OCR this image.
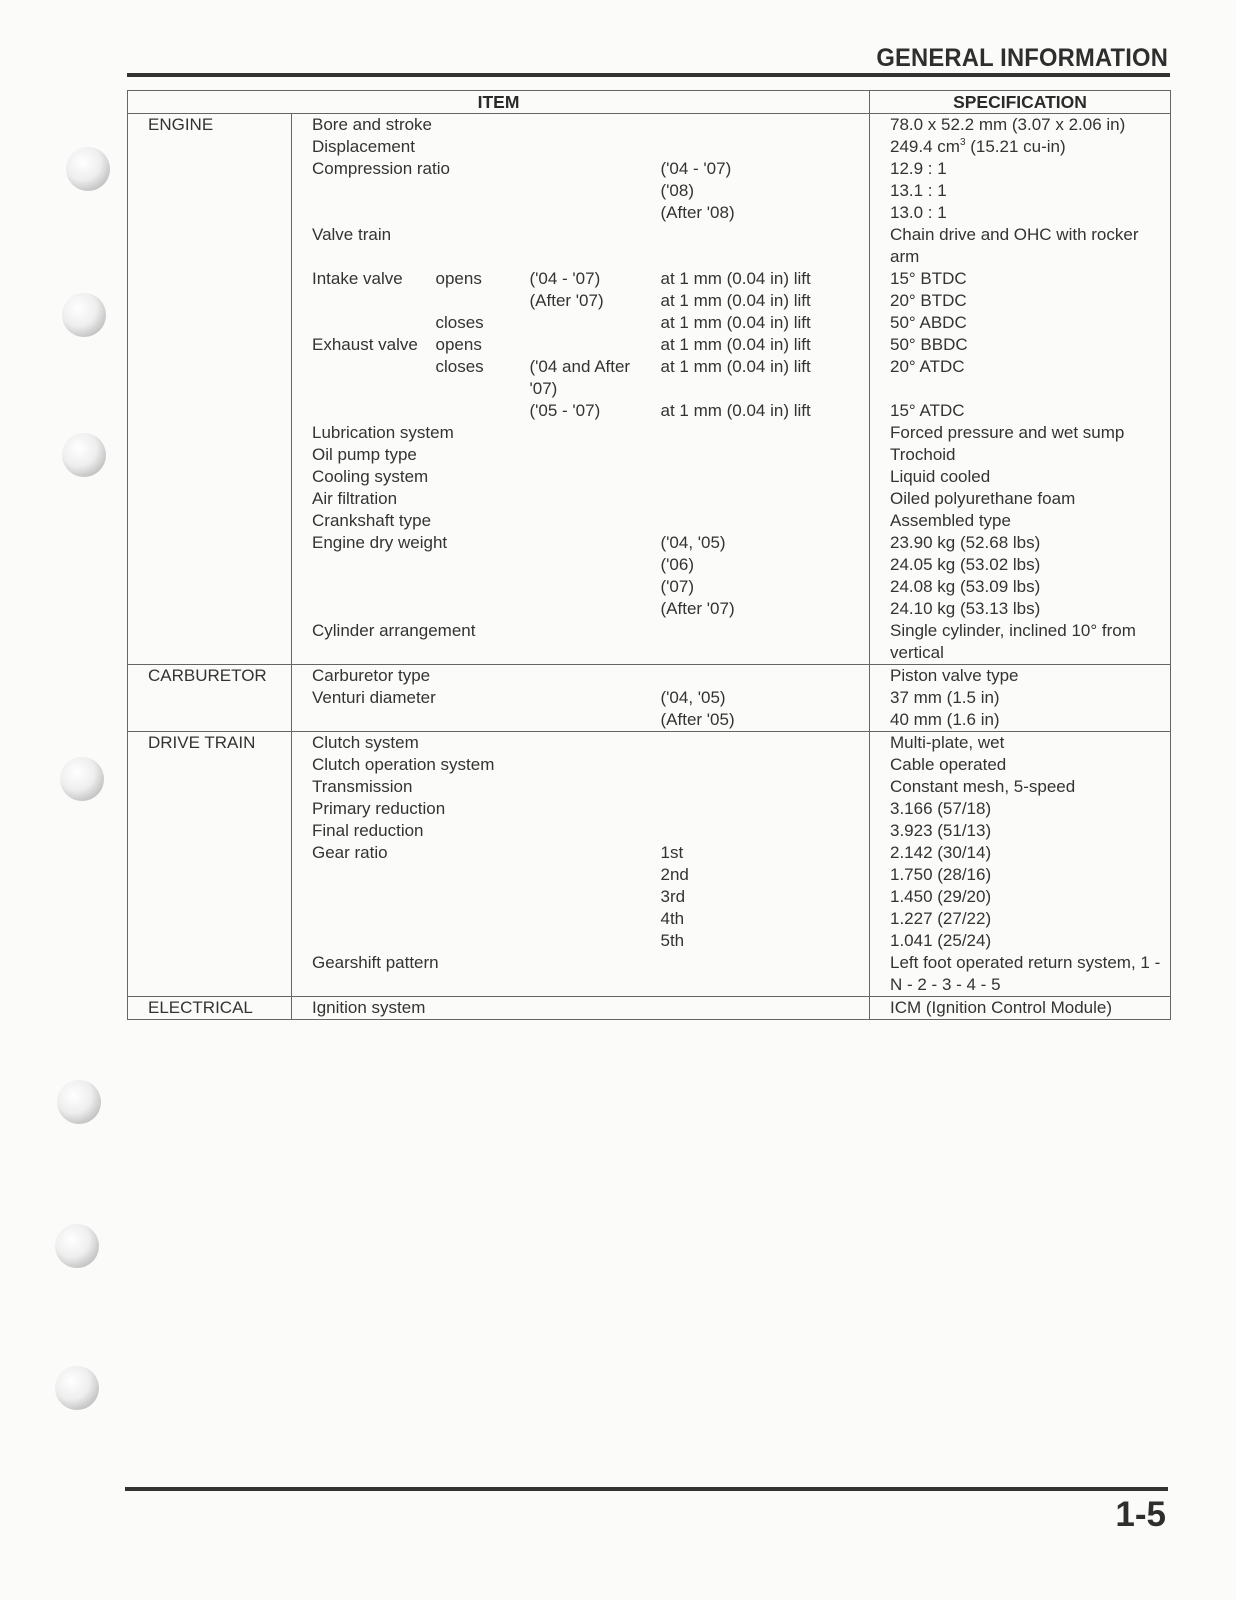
GENERAL INFORMATION
ITEM					SPECIFICATION
ENGINE	Bore and stroke				78.0 x 52.2 mm (3.07 x 2.06 in)
	Displacement				249.4 $cm^3$ (15.21 cu-in)
	Compression ratio			('04 - '07)	12.9 : 1
				('08)	13.1 : 1
				(After '08)	13.0 : 1
	Valve train				Chain drive and OHC with rocker arm
	Intake valve	opens	('04 - '07)	at 1 mm (0.04 in) lift	15° BTDC
			(After '07)	at 1 mm (0.04 in) lift	20° BTDC
		closes		at 1 mm (0.04 in) lift	50° ABDC
	Exhaust valve	opens		at 1 mm (0.04 in) lift	50° BBDC
		closes	('04 and After '07)	at 1 mm (0.04 in) lift	20° ATDC
			('05 - '07)	at 1 mm (0.04 in) lift	15° ATDC
	Lubrication system				Forced pressure and wet sump
	Oil pump type				Trochoid
	Cooling system				Liquid cooled
	Air filtration				Oiled polyurethane foam
	Crankshaft type				Assembled type
	Engine dry weight			('04, '05)	23.90 kg (52.68 lbs)
				('06)	24.05 kg (53.02 lbs)
				('07)	24.08 kg (53.09 lbs)
				(After '07)	24.10 kg (53.13 lbs)
	Cylinder arrangement				Single cylinder, inclined 10° from vertical
CARBURETOR	Carburetor type				Piston valve type
	Venturi diameter			('04, '05)	37 mm (1.5 in)
				(After '05)	40 mm (1.6 in)
DRIVE TRAIN	Clutch system				Multi-plate, wet
	Clutch operation system				Cable operated
	Transmission				Constant mesh, 5-speed
	Primary reduction				3.166 (57/18)
	Final reduction				3.923 (51/13)
	Gear ratio			1st	2.142 (30/14)
				2nd	1.750 (28/16)
				3rd	1.450 (29/20)
				4th	1.227 (27/22)
				5th	1.041 (25/24)
	Gearshift pattern				Left foot operated return system, 1 - N - 2 - 3 - 4 - 5
ELECTRICAL	Ignition system				ICM (Ignition Control Module)
1-5
